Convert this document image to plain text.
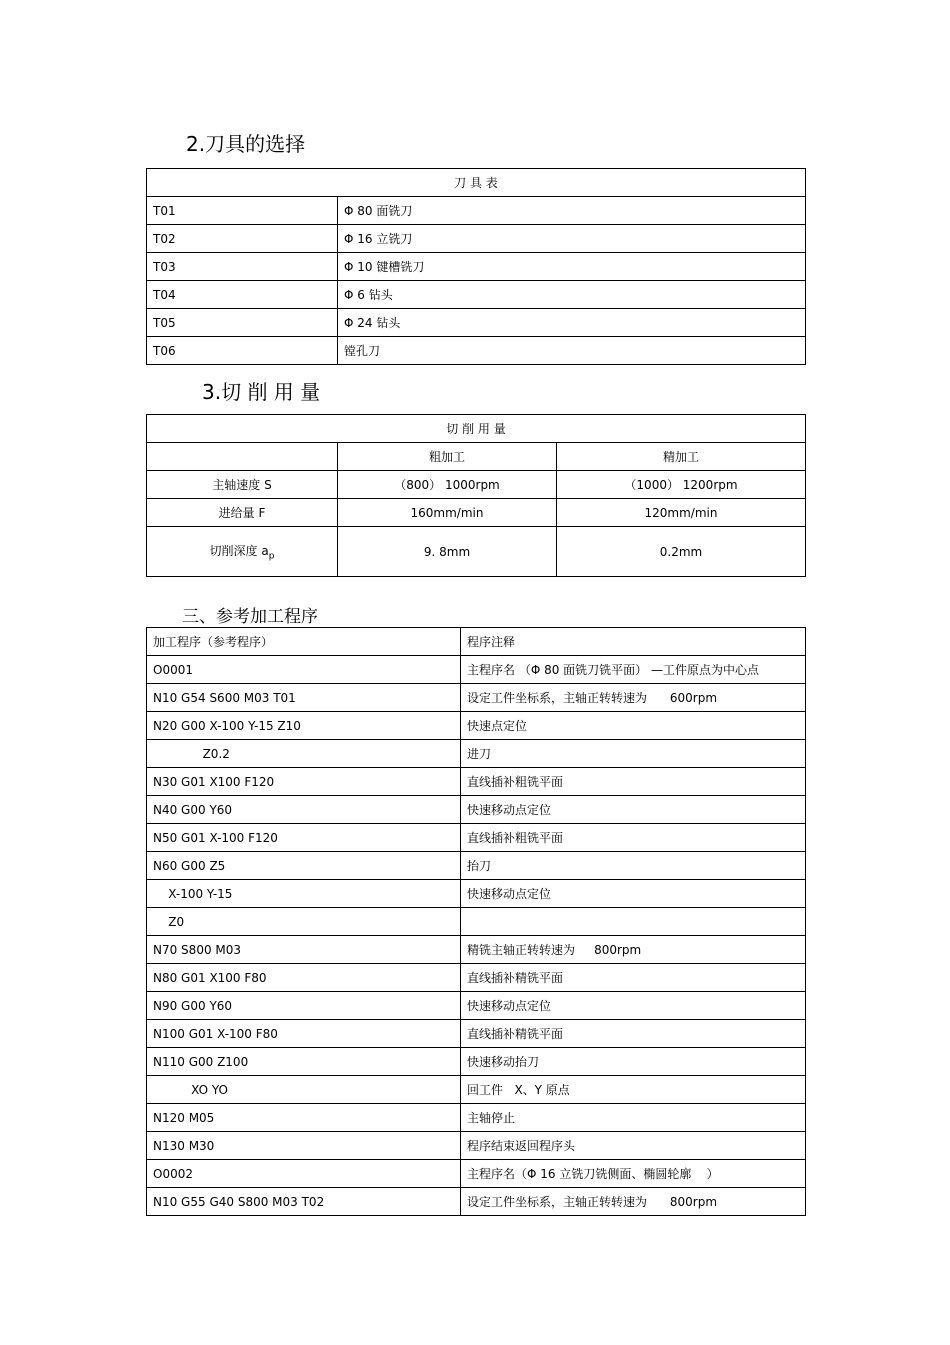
2.刀具的选择
刀 具 表	
T01	Φ 80 面铣刀
T02	Φ 16 立铣刀
T03	Φ 10 键槽铣刀
T04	Φ 6 钻头
T05	Φ 24 钻头
T06	镗孔刀
3.切 削 用 量
切 削 用 量		
	粗加工	精加工
主轴速度 S	（800） 1000rpm	（1000） 1200rpm
进给量 F	160mm/min	120mm/min
切削深度 $a_p$	9. 8mm	0.2mm
三、参考加工程序
加工程序（参考程序）	程序注释
O0001	主程序名 （Φ 80 面铣刀铣平面） —工件原点为中心点
N10 G54 S600 M03 T01	设定工件坐标系，主轴正转转速为      600rpm
N20 G00 X-100 Y-15 Z10	快速点定位
Z0.2	进刀
N30 G01 X100 F120	直线插补粗铣平面
N40 G00 Y60	快速移动点定位
N50 G01 X-100 F120	直线插补粗铣平面
N60 G00 Z5	抬刀
X-100 Y-15	快速移动点定位
Z0	
N70 S800 M03	精铣主轴正转转速为     800rpm
N80 G01 X100 F80	直线插补精铣平面
N90 G00 Y60	快速移动点定位
N100 G01 X-100 F80	直线插补精铣平面
N110 G00 Z100	快速移动抬刀
XO YO	回工件   X、Y 原点
N120 M05	主轴停止
N130 M30	程序结束返回程序头
O0002	主程序名（Φ 16 立铣刀铣侧面、椭圆轮廓    ）
N10 G55 G40 S800 M03 T02	设定工件坐标系，主轴正转转速为      800rpm
